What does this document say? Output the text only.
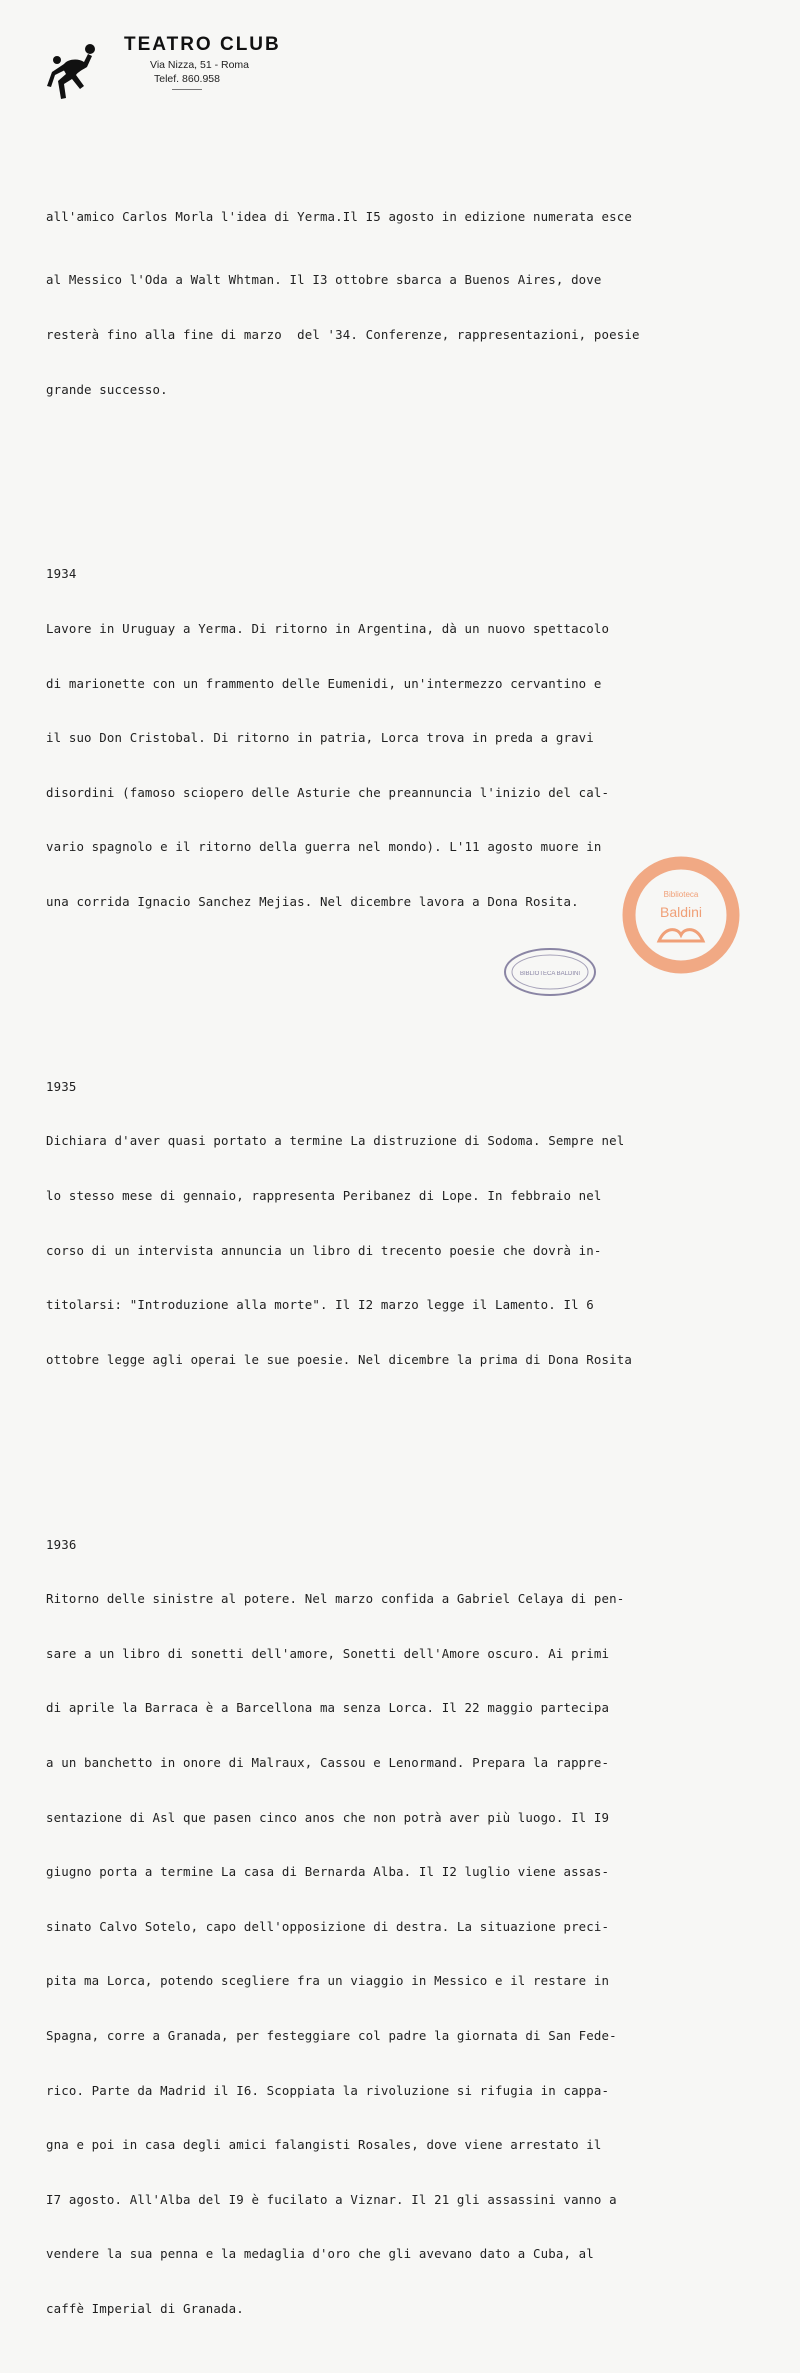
TEATRO CLUB
Via Nizza, 51 - Roma
Telef. 860.958

all'amico Carlos Morla l'idea di Yerma.Il I5 agosto in edizione numerata esce

al Messico l'Oda a Walt Whtman. Il I3 ottobre sbarca a Buenos Aires, dove

resterà fino alla fine di marzo  del '34. Conferenze, rappresentazioni, poesie

grande successo.

1934

Lavore in Uruguay a Yerma. Di ritorno in Argentina, dà un nuovo spettacolo

di marionette con un frammento delle Eumenidi, un'intermezzo cervantino e

il suo Don Cristobal. Di ritorno in patria, Lorca trova in preda a gravi

disordini (famoso sciopero delle Asturie che preannuncia l'inizio del cal-

vario spagnolo e il ritorno della guerra nel mondo). L'11 agosto muore in

una corrida Ignacio Sanchez Mejias. Nel dicembre lavora a Dona Rosita.

1935

Dichiara d'aver quasi portato a termine La distruzione di Sodoma. Sempre nel

lo stesso mese di gennaio, rappresenta Peribanez di Lope. In febbraio nel

corso di un intervista annuncia un libro di trecento poesie che dovrà in-

titolarsi: "Introduzione alla morte". Il I2 marzo legge il Lamento. Il 6

ottobre legge agli operai le sue poesie. Nel dicembre la prima di Dona Rosita

1936

Ritorno delle sinistre al potere. Nel marzo confida a Gabriel Celaya di pen-

sare a un libro di sonetti dell'amore, Sonetti dell'Amore oscuro. Ai primi

di aprile la Barraca è a Barcellona ma senza Lorca. Il 22 maggio partecipa

a un banchetto in onore di Malraux, Cassou e Lenormand. Prepara la rappre-

sentazione di Asl que pasen cinco anos che non potrà aver più luogo. Il I9

giugno porta a termine La casa di Bernarda Alba. Il I2 luglio viene assas-

sinato Calvo Sotelo, capo dell'opposizione di destra. La situazione preci-

pita ma Lorca, potendo scegliere fra un viaggio in Messico e il restare in

Spagna, corre a Granada, per festeggiare col padre la giornata di San Fede-

rico. Parte da Madrid il I6. Scoppiata la rivoluzione si rifugia in cappa-

gna e poi in casa degli amici falangisti Rosales, dove viene arrestato il

I7 agosto. All'Alba del I9 è fucilato a Viznar. Il 21 gli assassini vanno a

vendere la sua penna e la medaglia d'oro che gli avevano dato a Cuba, al

caffè Imperial di Granada.

Biblioteca
Baldini
BIBLIOTECA BALDINI
